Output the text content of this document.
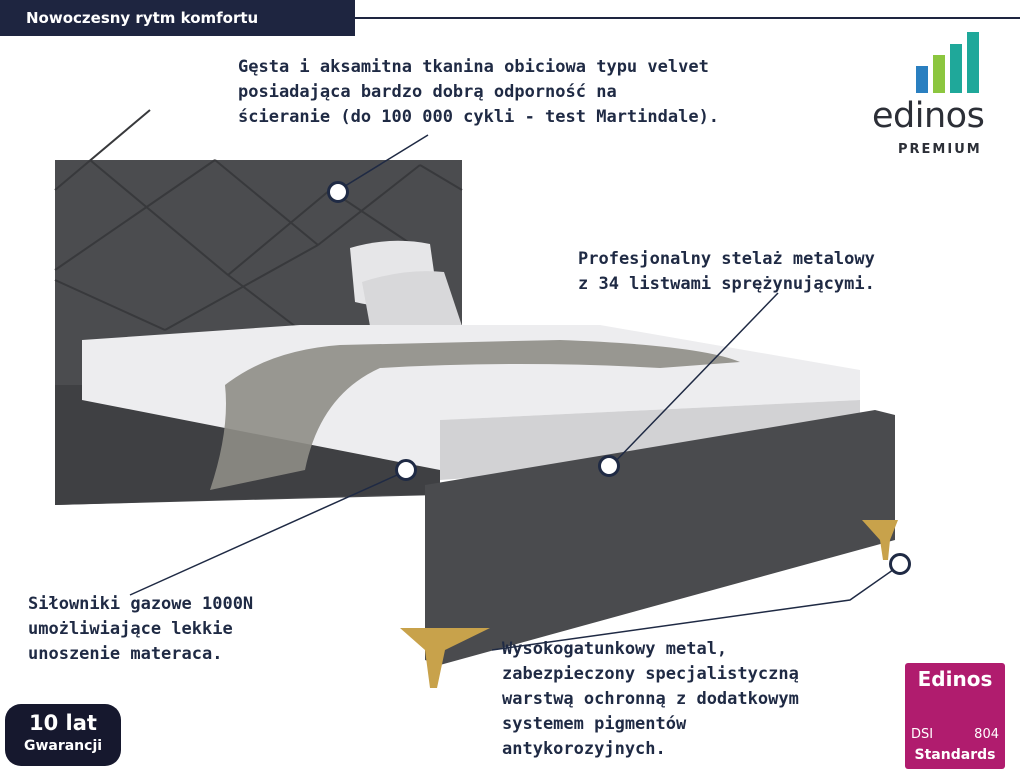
Nowoczesny rytm komfortu
Gęsta i aksamitna tkanina obiciowa typu velvet
posiadająca bardzo dobrą odporność na
ścieranie (do 100 000 cykli - test Martindale).
Profesjonalny stelaż metalowy
z 34 listwami sprężynującymi.
Siłowniki gazowe 1000N
umożliwiające lekkie
unoszenie materaca.	Wysokogatunkowy metal,
zabezpieczony specjalistyczną
warstwą ochronną z dodatkowym
systemem pigmentów
antykorozyjnych.
edinos
PREMIUM
10 lat
Gwarancji
Edinos
DSI	804
Standards
